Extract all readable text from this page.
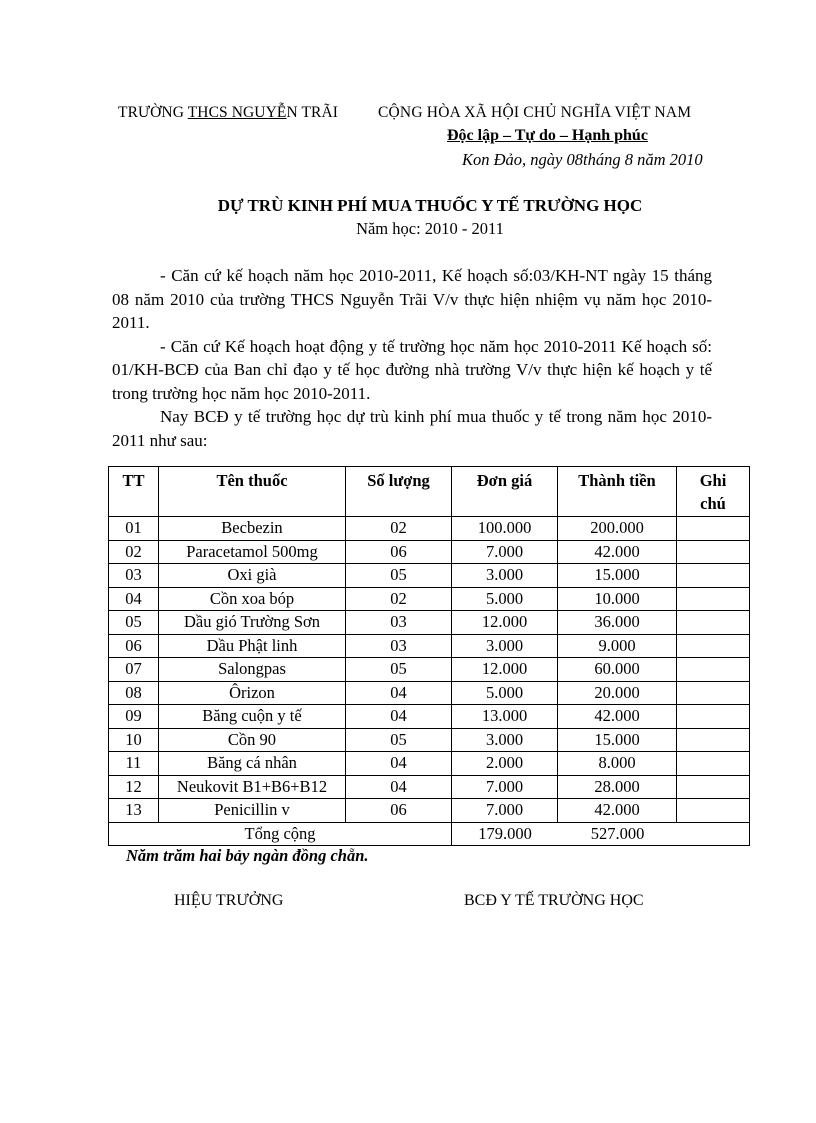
TRƯỜNG THCS NGUYỄN TRÃI	CỘNG HÒA XÃ HỘI CHỦ NGHĨA VIỆT NAM
Độc lập – Tự do – Hạnh phúc
Kon Đảo, ngày 08tháng 8 năm 2010
DỰ TRÙ KINH PHÍ MUA THUỐC Y TẾ TRƯỜNG HỌC
Năm học: 2010 - 2011

- Căn cứ kế hoạch năm học 2010-2011, Kế hoạch số:03/KH-NT ngày 15 tháng 08 năm 2010 của trường THCS Nguyễn Trãi V/v thực hiện nhiệm vụ năm học 2010-2011.

- Căn cứ Kế hoạch hoạt động y tế trường học năm học 2010-2011 Kế hoạch số: 01/KH-BCĐ của Ban chỉ đạo y tế học đường nhà trường V/v thực hiện kế hoạch y tế trong trường học năm học 2010-2011.

Nay BCĐ y tế trường học dự trù kinh phí mua thuốc y tế trong năm học 2010-2011 như sau:

TT	Tên thuốc	Số lượng	Đơn giá	Thành tiền	Ghi chú
01	Becbezin	02	100.000	200.000	
02	Paracetamol 500mg	06	7.000	42.000	
03	Oxi già	05	3.000	15.000	
04	Cồn xoa bóp	02	5.000	10.000	
05	Dầu gió Trường Sơn	03	12.000	36.000	
06	Dầu Phật linh	03	3.000	9.000	
07	Salongpas	05	12.000	60.000	
08	Ôrizon	04	5.000	20.000	
09	Băng cuộn y tế	04	13.000	42.000	
10	Cồn 90	05	3.000	15.000	
11	Băng cá nhân	04	2.000	8.000	
12	Neukovit B1+B6+B12	04	7.000	28.000	
13	Penicillin v	06	7.000	42.000	
Tổng cộng			179.000 527.000		
Năm trăm hai bảy ngàn đồng chẵn.
HIỆU TRƯỞNG	BCĐ Y TẾ TRƯỜNG HỌC
